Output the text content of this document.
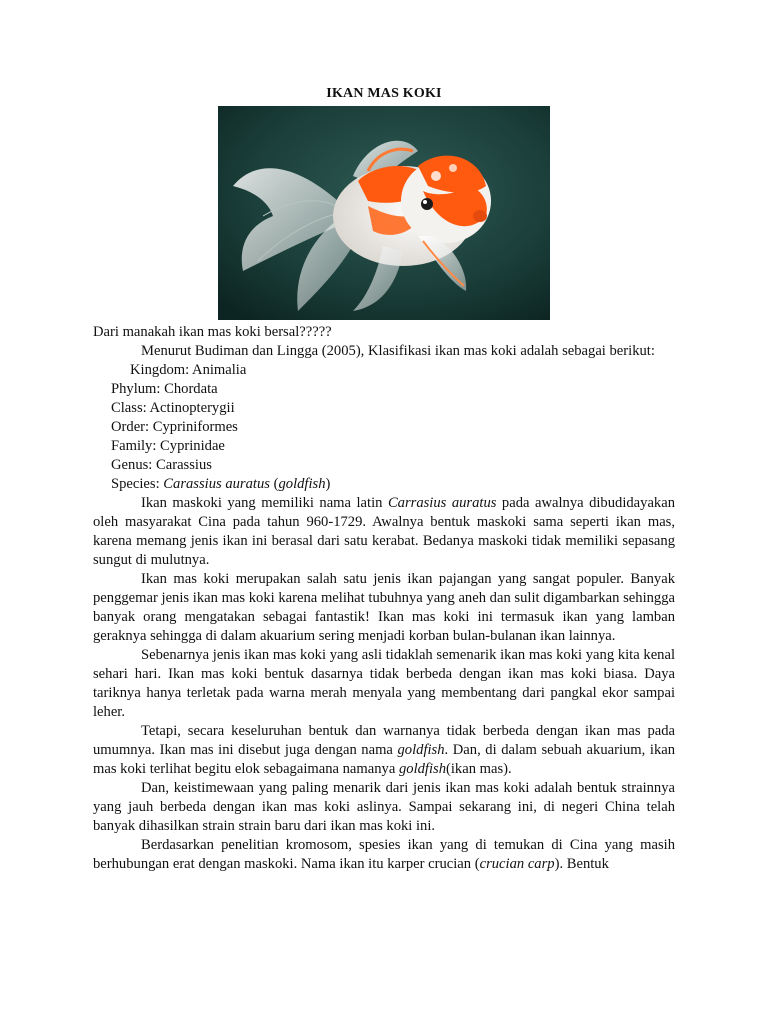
IKAN MAS KOKI

Dari manakah ikan mas koki bersal?????

Menurut Budiman dan Lingga (2005), Klasifikasi ikan mas koki adalah sebagai berikut:

Kingdom: Animalia
Phylum: Chordata
Class: Actinopterygii
Order: Cypriniformes
Family: Cyprinidae
Genus: Carassius
Species: Carassius auratus (goldfish)

Ikan maskoki yang memiliki nama latin Carrasius auratus pada awalnya dibudidayakan oleh masyarakat Cina pada tahun 960-1729. Awalnya bentuk maskoki sama seperti ikan mas, karena memang jenis ikan ini berasal dari satu kerabat. Bedanya maskoki tidak memiliki sepasang sungut di mulutnya.

Ikan mas koki merupakan salah satu jenis ikan pajangan yang sangat populer. Banyak penggemar jenis ikan mas koki karena melihat tubuhnya yang aneh dan sulit digambarkan sehingga banyak orang mengatakan sebagai fantastik! Ikan mas koki ini termasuk ikan yang lamban geraknya sehingga di dalam akuarium sering menjadi korban bulan-bulanan ikan lainnya.

Sebenarnya jenis ikan mas koki yang asli tidaklah semenarik ikan mas koki yang kita kenal sehari hari. Ikan mas koki bentuk dasarnya tidak berbeda dengan ikan mas koki biasa. Daya tariknya hanya terletak pada warna merah menyala yang membentang dari pangkal ekor sampai leher.

Tetapi, secara keseluruhan bentuk dan warnanya tidak berbeda dengan ikan mas pada umumnya. Ikan mas ini disebut juga dengan nama goldfish. Dan, di dalam sebuah akuarium, ikan mas koki terlihat begitu elok sebagaimana namanya goldfish(ikan mas).

Dan, keistimewaan yang paling menarik dari jenis ikan mas koki adalah bentuk strainnya yang jauh berbeda dengan ikan mas koki aslinya. Sampai sekarang ini, di negeri China telah banyak dihasilkan strain strain baru dari ikan mas koki ini.

Berdasarkan penelitian kromosom, spesies ikan yang di temukan di Cina yang masih berhubungan erat dengan maskoki. Nama ikan itu karper crucian (crucian carp). Bentuk
